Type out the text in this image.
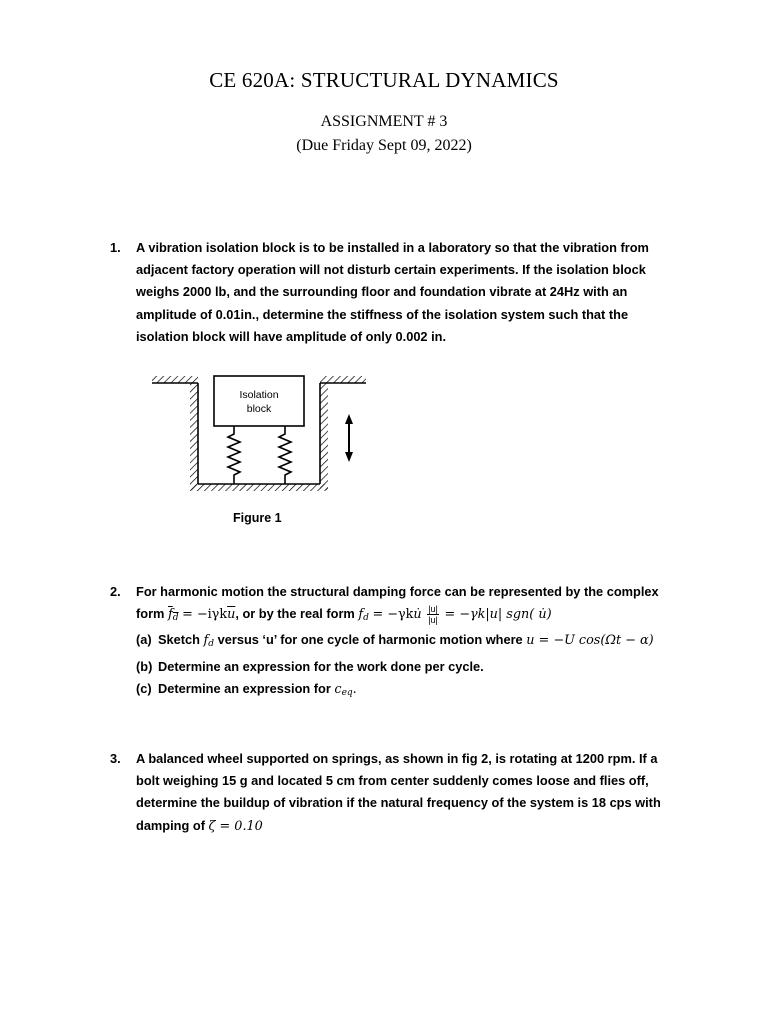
CE 620A: STRUCTURAL DYNAMICS
ASSIGNMENT # 3
(Due Friday Sept 09, 2022)
1. A vibration isolation block is to be installed in a laboratory so that the vibration from
adjacent factory operation will not disturb certain experiments. If the isolation block
weighs 2000 lb, and the surrounding floor and foundation vibrate at 24Hz with an
amplitude of 0.01in., determine the stiffness of the isolation system such that the
isolation block will have amplitude of only 0.002 in.
Isolation
block
Figure 1
2. For harmonic motion the structural damping force can be represented by the complex
form $f_d = -i\gamma k\overline{u}$, or by the real form $f_d$ = −γku̇ $\frac{|u|}{|u|} = -\gamma k|u|$ sgn( u̇)
(a) Sketch $f_d$ versus ‘u’ for one cycle of harmonic motion where u = −U cos(Ωt − α)
(b) Determine an expression for the work done per cycle.
(c) Determine an expression for $c_{eq}$.
3. A balanced wheel supported on springs, as shown in fig 2, is rotating at 1200 rpm. If a
bolt weighing 15 g and located 5 cm from center suddenly comes loose and flies off,
determine the buildup of vibration if the natural frequency of the system is 18 cps with
damping of ζ = 0.10
